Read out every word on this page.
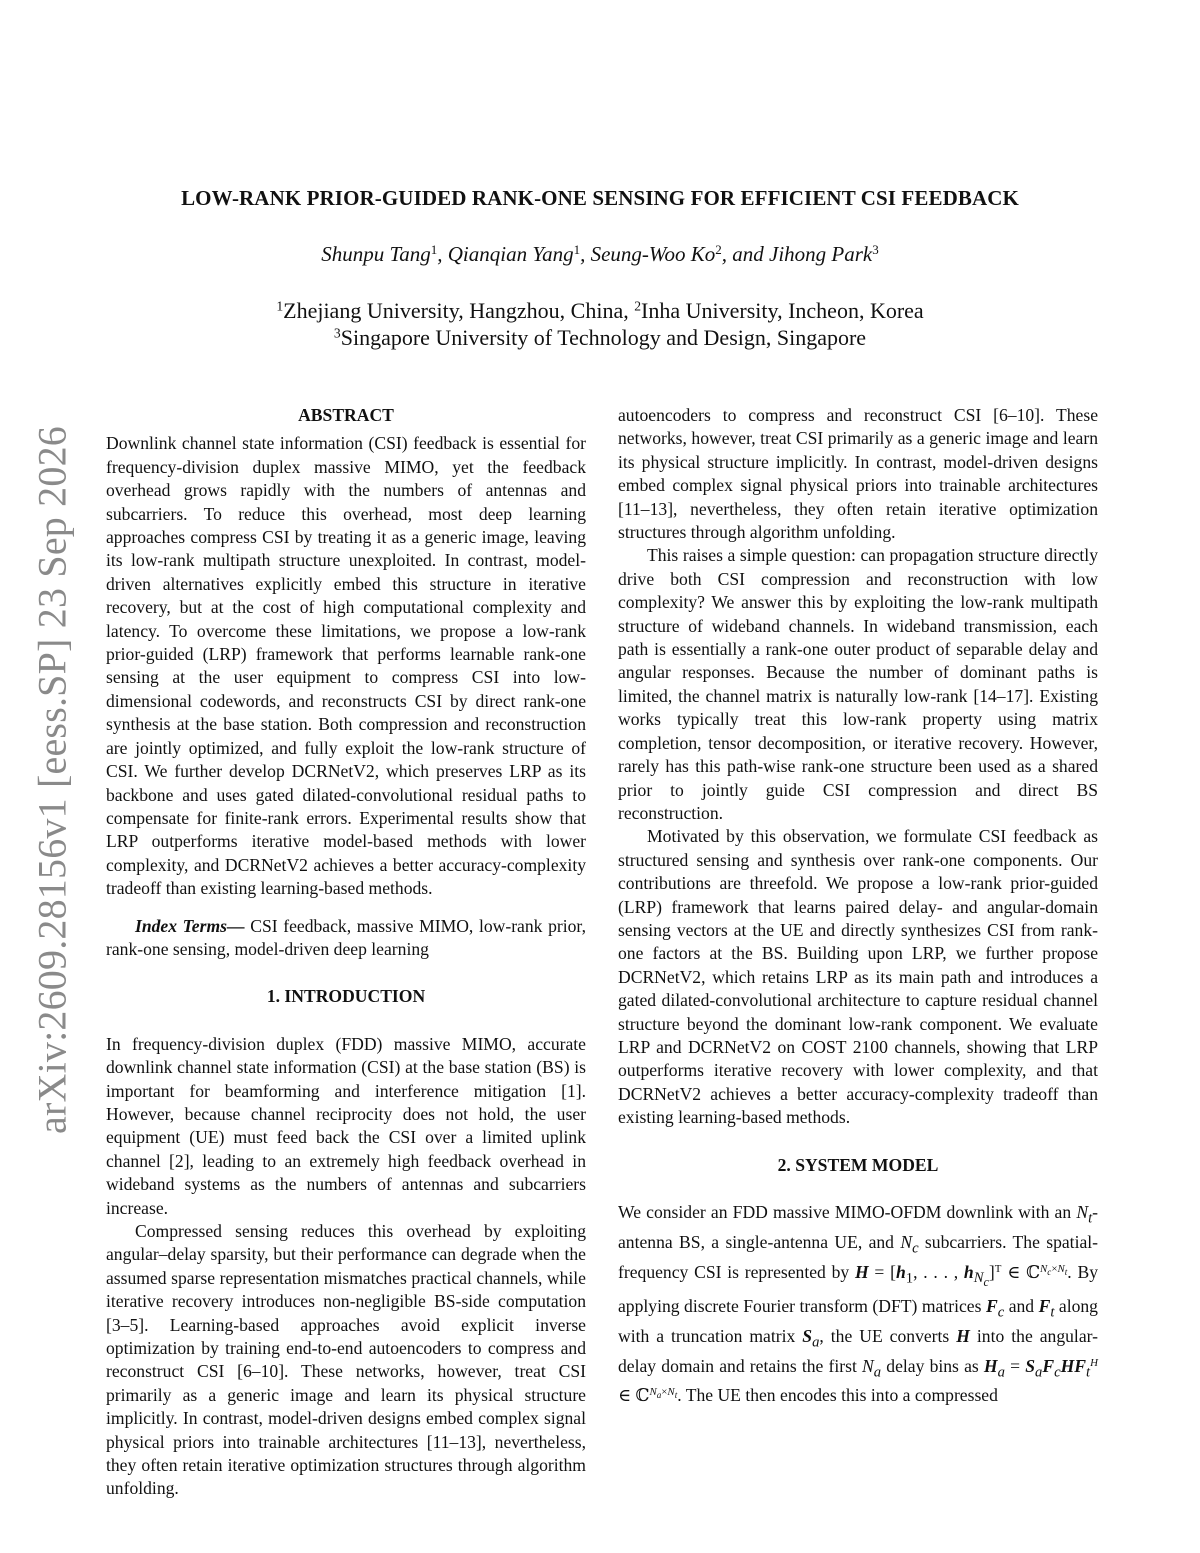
arXiv:2609.28156v1 [eess.SP] 23 Sep 2026
LOW-RANK PRIOR-GUIDED RANK-ONE SENSING FOR EFFICIENT CSI FEEDBACK
Shunpu Tang$^1$, Qianqian Yang$^1$, Seung-Woo Ko$^2$, and Jihong Park$^3$
$^1$Zhejiang University, Hangzhou, China, $^2$Inha University, Incheon, Korea
$^3$Singapore University of Technology and Design, Singapore
ABSTRACT

Downlink channel state information (CSI) feedback is essential for frequency-division duplex massive MIMO, yet the feedback overhead grows rapidly with the numbers of antennas and subcarriers. To reduce this overhead, most deep learning approaches compress CSI by treating it as a generic image, leaving its low-rank multipath structure unexploited. In contrast, model-driven alternatives explicitly embed this structure in iterative recovery, but at the cost of high computational complexity and latency. To overcome these limitations, we propose a low-rank prior-guided (LRP) framework that performs learnable rank-one sensing at the user equipment to compress CSI into low-dimensional codewords, and reconstructs CSI by direct rank-one synthesis at the base station. Both compression and reconstruction are jointly optimized, and fully exploit the low-rank structure of CSI. We further develop DCRNetV2, which preserves LRP as its backbone and uses gated dilated-convolutional residual paths to compensate for finite-rank errors. Experimental results show that LRP outperforms iterative model-based methods with lower complexity, and DCRNetV2 achieves a better accuracy-complexity tradeoff than existing learning-based methods.

Index Terms— CSI feedback, massive MIMO, low-rank prior, rank-one sensing, model-driven deep learning

1. INTRODUCTION

In frequency-division duplex (FDD) massive MIMO, accurate downlink channel state information (CSI) at the base station (BS) is important for beamforming and interference mitigation [1]. However, because channel reciprocity does not hold, the user equipment (UE) must feed back the CSI over a limited uplink channel [2], leading to an extremely high feedback overhead in wideband systems as the numbers of antennas and subcarriers increase.

Compressed sensing reduces this overhead by exploiting angular–delay sparsity, but their performance can degrade when the assumed sparse representation mismatches practical channels, while iterative recovery introduces non-negligible BS-side computation [3–5]. Learning-based approaches avoid explicit inverse optimization by training end-to-end autoencoders to compress and reconstruct CSI [6–10]. These networks, however, treat CSI primarily as a generic image and learn its physical structure implicitly. In contrast, model-driven designs embed complex signal physical priors into trainable architectures [11–13], nevertheless, they often retain iterative optimization structures through algorithm unfolding.

autoencoders to compress and reconstruct CSI [6–10]. These networks, however, treat CSI primarily as a generic image and learn its physical structure implicitly. In contrast, model-driven designs embed complex signal physical priors into trainable architectures [11–13], nevertheless, they often retain iterative optimization structures through algorithm unfolding.

This raises a simple question: can propagation structure directly drive both CSI compression and reconstruction with low complexity? We answer this by exploiting the low-rank multipath structure of wideband channels. In wideband transmission, each path is essentially a rank-one outer product of separable delay and angular responses. Because the number of dominant paths is limited, the channel matrix is naturally low-rank [14–17]. Existing works typically treat this low-rank property using matrix completion, tensor decomposition, or iterative recovery. However, rarely has this path-wise rank-one structure been used as a shared prior to jointly guide CSI compression and direct BS reconstruction.

Motivated by this observation, we formulate CSI feedback as structured sensing and synthesis over rank-one components. Our contributions are threefold. We propose a low-rank prior-guided (LRP) framework that learns paired delay- and angular-domain sensing vectors at the UE and directly synthesizes CSI from rank-one factors at the BS. Building upon LRP, we further propose DCRNetV2, which retains LRP as its main path and introduces a gated dilated-convolutional architecture to capture residual channel structure beyond the dominant low-rank component. We evaluate LRP and DCRNetV2 on COST 2100 channels, showing that LRP outperforms iterative recovery with lower complexity, and that DCRNetV2 achieves a better accuracy-complexity tradeoff than existing learning-based methods.

2. SYSTEM MODEL

We consider an FDD massive MIMO-OFDM downlink with an $N_t$-antenna BS, a single-antenna UE, and $N_c$ subcarriers. The spatial-frequency CSI is represented by $H = [h_1$, . . . , $h_{N_c}]^T$ ∈ ℂ$^{N_c\times N_t}$. By applying discrete Fourier transform (DFT) matrices $F_c$ and $F_t$ along with a truncation matrix $S_a$, the UE converts H into the angular-delay domain and retains the first $N_a$ delay bins as $H_a = S_aF_cHF_t^H$ ∈ ℂ$^{N_a\times N_t}$. The UE then encodes this into a compressed
